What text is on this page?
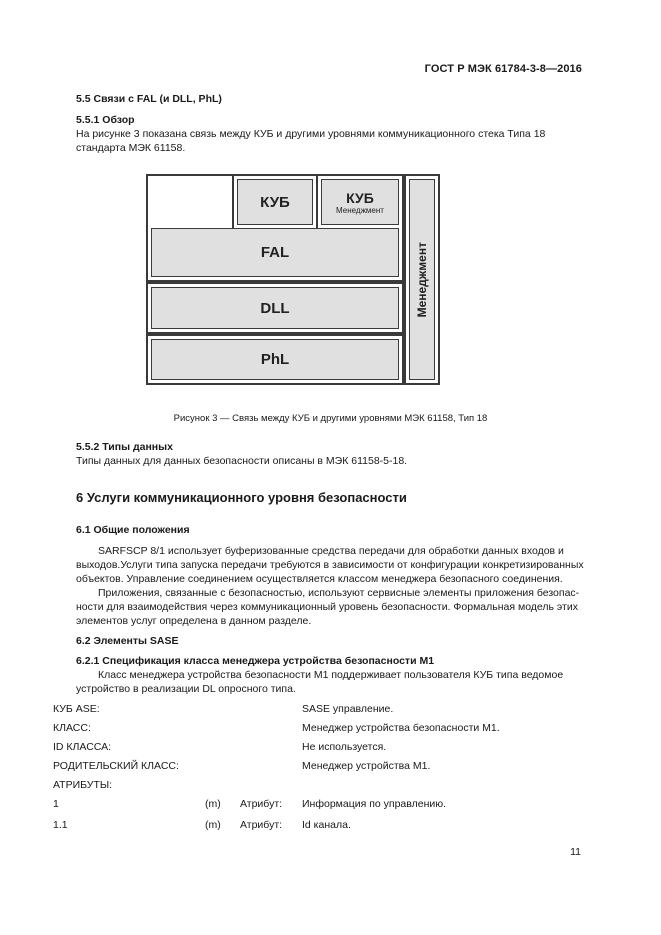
ГОСТ Р МЭК 61784-3-8—2016
5.5 Связи с FAL (и DLL, PhL)
5.5.1 Обзор
На рисунке 3 показана связь между КУБ и другими уровнями коммуникационного стека Типа 18
стандарта МЭК 61158.
КУБ	КУБ
Менеджмент
FAL
DLL
PhL
Менеджмент
Рисунок 3 — Связь между КУБ и другими уровнями МЭК 61158, Тип 18
5.5.2 Типы данных
Типы данных для данных безопасности описаны в МЭК 61158-5-18.
6 Услуги коммуникационного уровня безопасности
6.1 Общие положения
SARFSCP 8/1 использует буферизованные средства передачи для обработки данных входов и
выходов.Услуги типа запуска передачи требуются в зависимости от конфигурации конкретизированных
объектов. Управление соединением осуществляется классом менеджера безопасного соединения.
Приложения, связанные с безопасностью, используют сервисные элементы приложения безопас-
ности для взаимодействия через коммуникационный уровень безопасности. Формальная модель этих
элементов услуг определена в данном разделе.
6.2 Элементы SASE
6.2.1 Спецификация класса менеджера устройства безопасности М1
Класс менеджера устройства безопасности М1 поддерживает пользователя КУБ типа ведомое
устройство в реализации DL опросного типа.
КУБ ASE:	SASE управление.
КЛАСС:	Менеджер устройства безопасности М1.
ID КЛАССА:	Не используется.
РОДИТЕЛЬСКИЙ КЛАСС:	Менеджер устройства М1.
АТРИБУТЫ:
1	(m) Атрибут: Информация по управлению.
1.1	(m) Атрибут: Id канала.
11
